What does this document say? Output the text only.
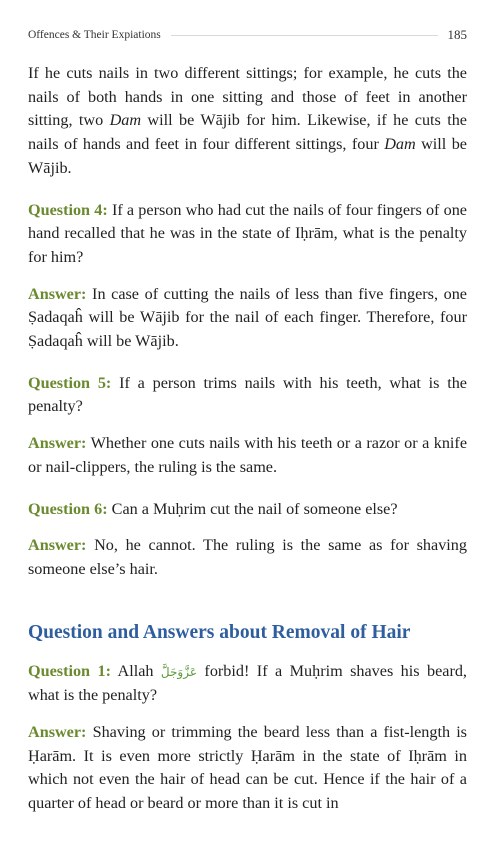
Offences & Their Expiations	185

If he cuts nails in two different sittings; for example, he cuts the nails of both hands in one sitting and those of feet in another sitting, two Dam will be Wājib for him. Likewise, if he cuts the nails of hands and feet in four different sittings, four Dam will be Wājib.

Question 4: If a person who had cut the nails of four fingers of one hand recalled that he was in the state of Iḥrām, what is the penalty for him?

Answer: In case of cutting the nails of less than five fingers, one Ṣadaqaĥ will be Wājib for the nail of each finger. Therefore, four Ṣadaqaĥ will be Wājib.

Question 5: If a person trims nails with his teeth, what is the penalty?

Answer: Whether one cuts nails with his teeth or a razor or a knife or nail-clippers, the ruling is the same.

Question 6: Can a Muḥrim cut the nail of someone else?

Answer: No, he cannot. The ruling is the same as for shaving someone else’s hair.

Question and Answers about Removal of Hair

Question 1: Allah عَزَّوَجَلَّ forbid! If a Muḥrim shaves his beard, what is the penalty?

Answer: Shaving or trimming the beard less than a fist-length is Ḥarām. It is even more strictly Ḥarām in the state of Iḥrām in which not even the hair of head can be cut. Hence if the hair of a quarter of head or beard or more than it is cut in
